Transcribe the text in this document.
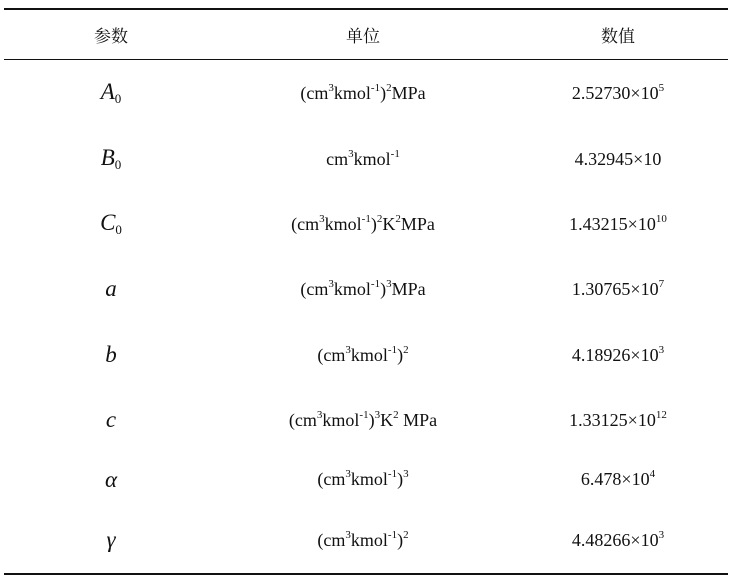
参数	单位	数值
$A_0$	$(cm^3kmol^{-1})^2MPa$	$2.52730\times 10^5$
$B_0$	$cm^3kmol^{-1}$	4.32945×10
$C_0$	$(cm^3kmol^{-1})^2K^2MPa$	$1.43215\times 10^{10}$
a	$(cm^3kmol^{-1})^3MPa$	$1.30765\times 10^7$
b	$(cm^3kmol^{-1})^2$	$4.18926\times 10^3$
c	$(cm^3kmol^{-1})^3K^2$ MPa	$1.33125\times 10^{12}$
α	$(cm^3kmol^{-1})^3$	$6.478\times 10^4$
γ	$(cm^3kmol^{-1})^2$	$4.48266\times 10^3$
